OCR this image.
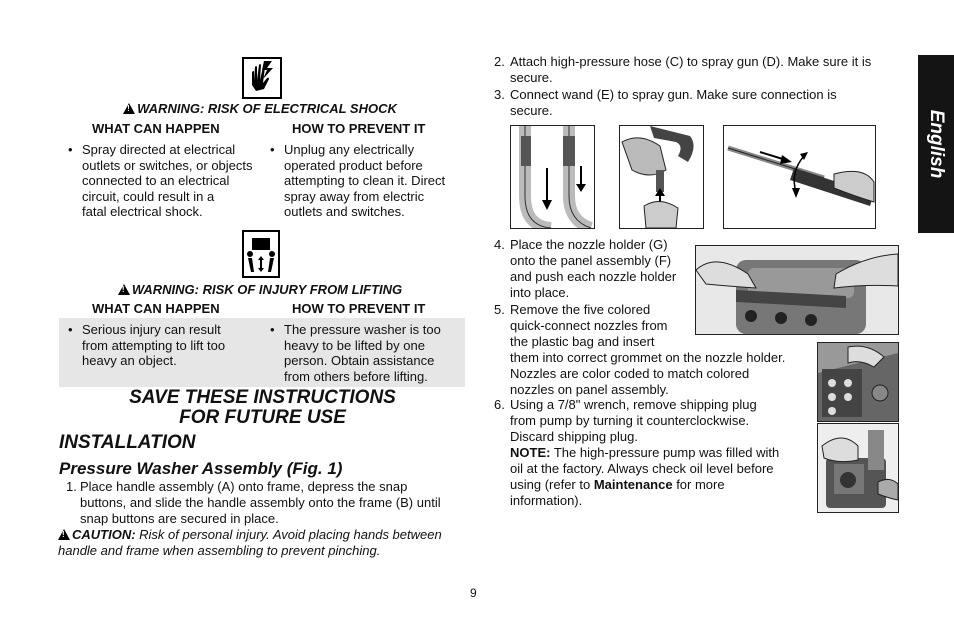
!WARNING: RISK OF ELECTRICAL SHOCK
WHAT CAN HAPPEN	HOW TO PREVENT IT
• Spray directed at electrical
outlets or switches, or objects
connected to an electrical
circuit, could result in a
fatal electrical shock.
• Unplug any electrically
operated product before
attempting to clean it. Direct
spray away from electric
outlets and switches.
!WARNING: RISK OF INJURY FROM LIFTING
WHAT CAN HAPPEN	HOW TO PREVENT IT
• Serious injury can result
from attempting to lift too
heavy an object.
• The pressure washer is too
heavy to be lifted by one
person. Obtain assistance
from others before lifting.
SAVE THESE INSTRUCTIONS
FOR FUTURE USE
INSTALLATION
Pressure Washer Assembly (Fig. 1)
1. Place handle assembly (A) onto frame, depress the snap
buttons, and slide the handle assembly onto the frame (B) until
snap buttons are secured in place.
!CAUTION: Risk of personal injury. Avoid placing hands between
handle and frame when assembling to prevent pinching.
2. Attach high-pressure hose (C) to spray gun (D). Make sure it is
secure.
3. Connect wand (E) to spray gun. Make sure connection is
secure.
4. Place the nozzle holder (G)
onto the panel assembly (F)
and push each nozzle holder
into place.
5. Remove the five colored
quick-connect nozzles from
the plastic bag and insert
them into correct grommet on the nozzle holder.
Nozzles are color coded to match colored
nozzles on panel assembly.
6. Using a 7/8" wrench, remove shipping plug
from pump by turning it counterclockwise.
Discard shipping plug.
NOTE: The high-pressure pump was filled with
oil at the factory. Always check oil level before
using (refer to Maintenance for more
information).
English
9
